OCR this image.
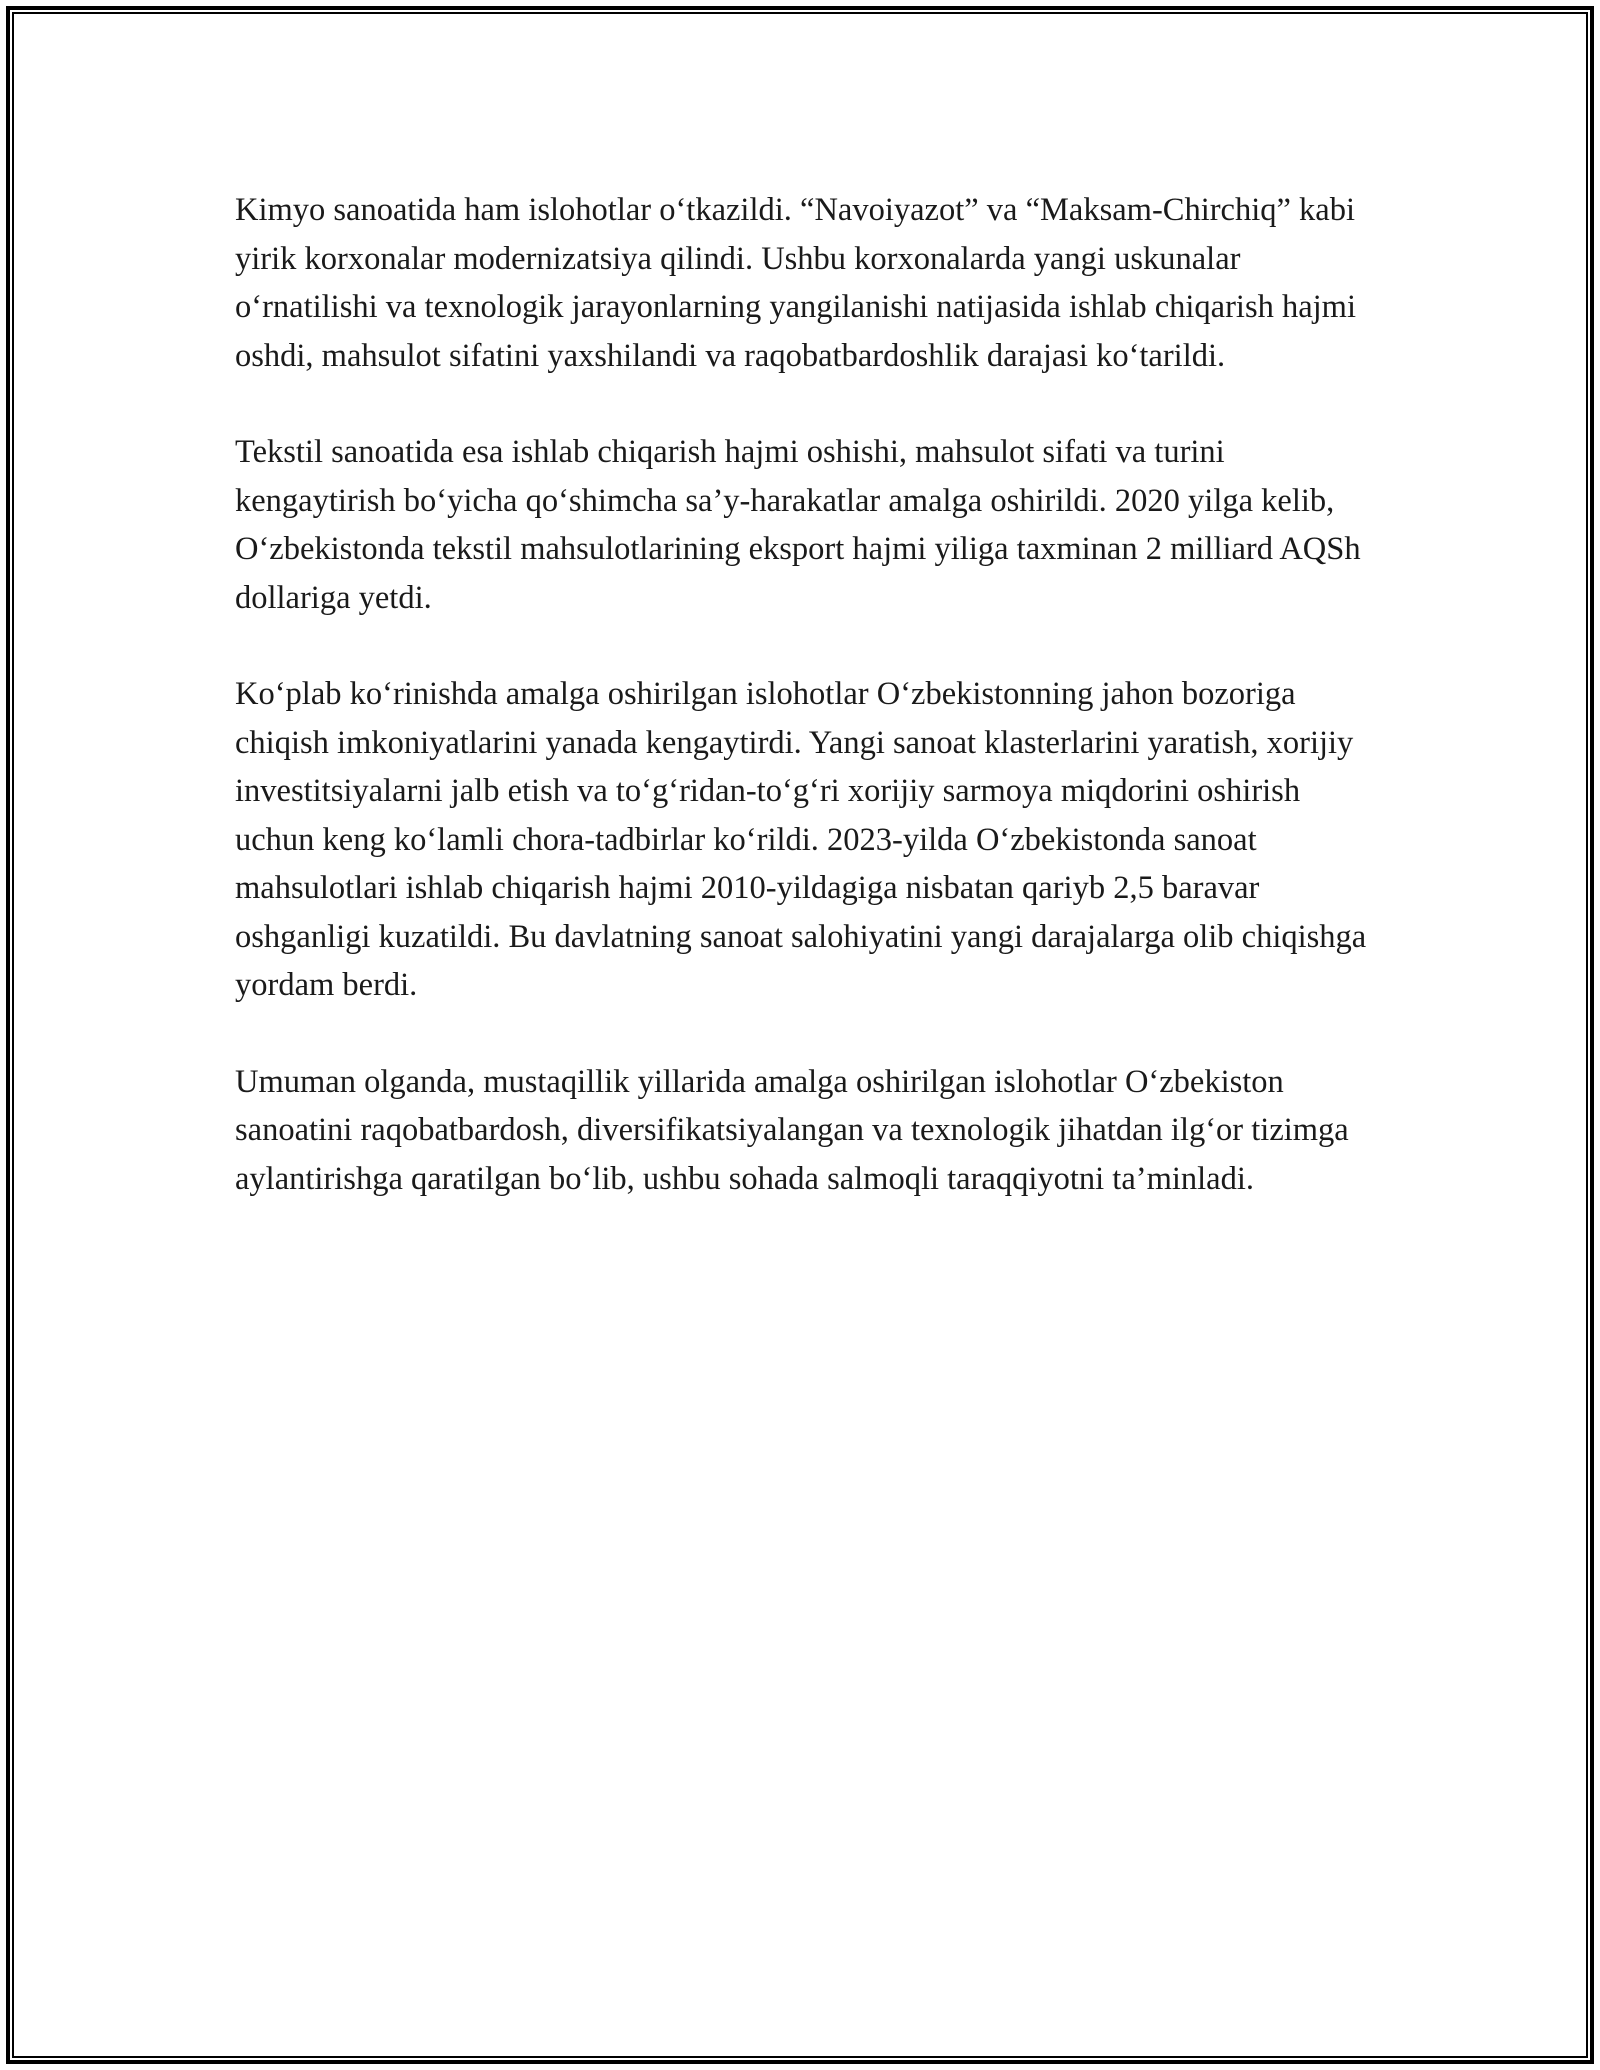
Kimyo sanoatida ham islohotlar o‘tkazildi. “Navoiyazot” va “Maksam-Chirchiq” kabi yirik korxonalar modernizatsiya qilindi. Ushbu korxonalarda yangi uskunalar o‘rnatilishi va texnologik jarayonlarning yangilanishi natijasida ishlab chiqarish hajmi oshdi, mahsulot sifatini yaxshilandi va raqobatbardoshlik darajasi ko‘tarildi.

Tekstil sanoatida esa ishlab chiqarish hajmi oshishi, mahsulot sifati va turini kengaytirish bo‘yicha qo‘shimcha sa’y-harakatlar amalga oshirildi. 2020 yilga kelib, O‘zbekistonda tekstil mahsulotlarining eksport hajmi yiliga taxminan 2 milliard AQSh dollariga yetdi.

Ko‘plab ko‘rinishda amalga oshirilgan islohotlar O‘zbekistonning jahon bozoriga chiqish imkoniyatlarini yanada kengaytirdi. Yangi sanoat klasterlarini yaratish, xorijiy investitsiyalarni jalb etish va to‘g‘ridan-to‘g‘ri xorijiy sarmoya miqdorini oshirish uchun keng ko‘lamli chora-tadbirlar ko‘rildi. 2023-yilda O‘zbekistonda sanoat mahsulotlari ishlab chiqarish hajmi 2010-yildagiga nisbatan qariyb 2,5 baravar oshganligi kuzatildi. Bu davlatning sanoat salohiyatini yangi darajalarga olib chiqishga yordam berdi.

Umuman olganda, mustaqillik yillarida amalga oshirilgan islohotlar O‘zbekiston sanoatini raqobatbardosh, diversifikatsiyalangan va texnologik jihatdan ilg‘or tizimga aylantirishga qaratilgan bo‘lib, ushbu sohada salmoqli taraqqiyotni ta’minladi.
